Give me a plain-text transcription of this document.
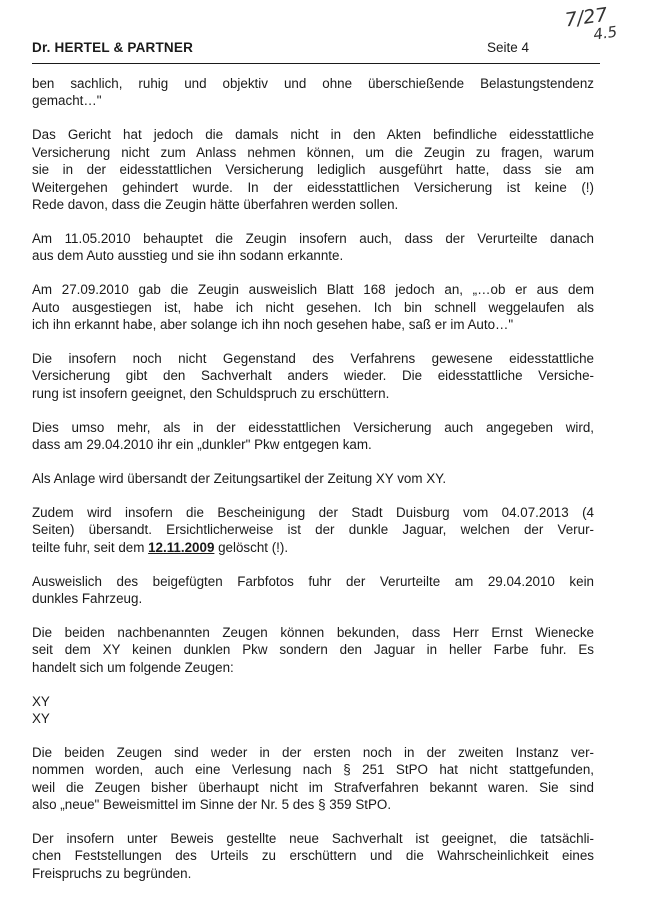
Dr. HERTEL & PARTNER	Seite 4
7/27
4.5
ben sachlich, ruhig und objektiv und ohne überschießende Belastungstendenz
gemacht…"
Das Gericht hat jedoch die damals nicht in den Akten befindliche eidesstattliche
Versicherung nicht zum Anlass nehmen können, um die Zeugin zu fragen, warum
sie in der eidesstattlichen Versicherung lediglich ausgeführt hatte, dass sie am
Weitergehen gehindert wurde. In der eidesstattlichen Versicherung ist keine (!)
Rede davon, dass die Zeugin hätte überfahren werden sollen.
Am 11.05.2010 behauptet die Zeugin insofern auch, dass der Verurteilte danach
aus dem Auto ausstieg und sie ihn sodann erkannte.
Am 27.09.2010 gab die Zeugin ausweislich Blatt 168 jedoch an, „…ob er aus dem
Auto ausgestiegen ist, habe ich nicht gesehen. Ich bin schnell weggelaufen als
ich ihn erkannt habe, aber solange ich ihn noch gesehen habe, saß er im Auto…"
Die insofern noch nicht Gegenstand des Verfahrens gewesene eidesstattliche
Versicherung gibt den Sachverhalt anders wieder. Die eidesstattliche Versiche-
rung ist insofern geeignet, den Schuldspruch zu erschüttern.
Dies umso mehr, als in der eidesstattlichen Versicherung auch angegeben wird,
dass am 29.04.2010 ihr ein „dunkler" Pkw entgegen kam.
Als Anlage wird übersandt der Zeitungsartikel der Zeitung XY vom XY.
Zudem wird insofern die Bescheinigung der Stadt Duisburg vom 04.07.2013 (4
Seiten) übersandt. Ersichtlicherweise ist der dunkle Jaguar, welchen der Verur-
teilte fuhr, seit dem 12.11.2009 gelöscht (!).
Ausweislich des beigefügten Farbfotos fuhr der Verurteilte am 29.04.2010 kein
dunkles Fahrzeug.
Die beiden nachbenannten Zeugen können bekunden, dass Herr Ernst Wienecke
seit dem XY keinen dunklen Pkw sondern den Jaguar in heller Farbe fuhr. Es
handelt sich um folgende Zeugen:
XY
XY
Die beiden Zeugen sind weder in der ersten noch in der zweiten Instanz ver-
nommen worden, auch eine Verlesung nach § 251 StPO hat nicht stattgefunden,
weil die Zeugen bisher überhaupt nicht im Strafverfahren bekannt waren. Sie sind
also „neue" Beweismittel im Sinne der Nr. 5 des § 359 StPO.
Der insofern unter Beweis gestellte neue Sachverhalt ist geeignet, die tatsächli-
chen Feststellungen des Urteils zu erschüttern und die Wahrscheinlichkeit eines
Freispruchs zu begründen.
